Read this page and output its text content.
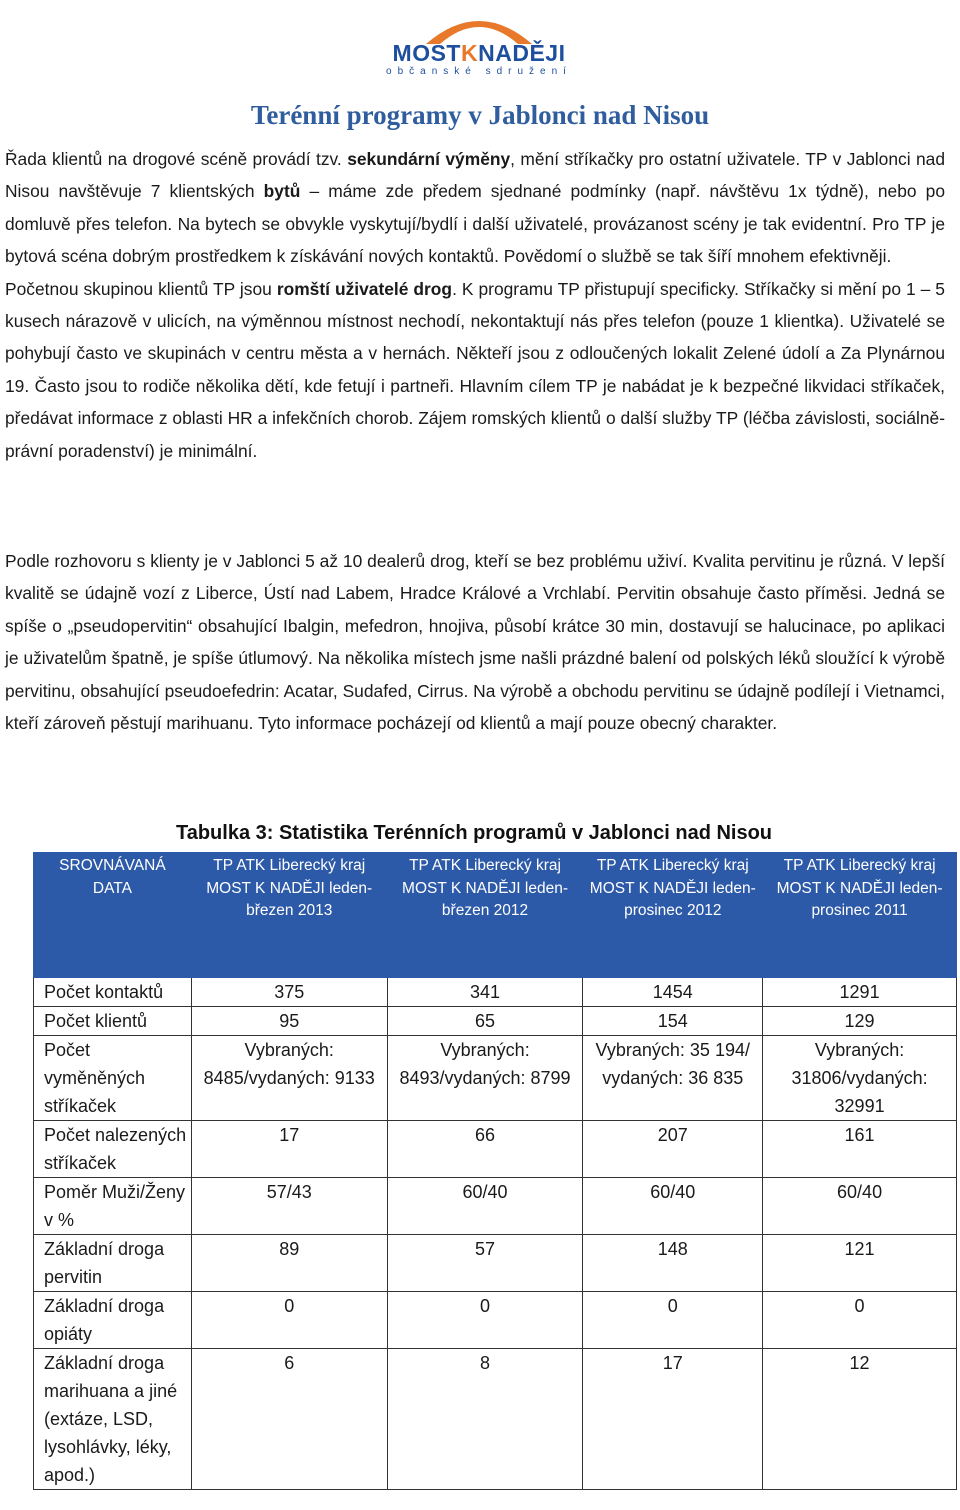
MOSTKNADĚJI
občanské sdružení
Terénní programy v Jablonci nad Nisou

Řada klientů na drogové scéně provádí tzv. sekundární výměny, mění stříkačky pro ostatní uživatele. TP v Jablonci nad Nisou navštěvuje 7 klientských bytů – máme zde předem sjednané podmínky (např. návštěvu 1x týdně), nebo po domluvě přes telefon. Na bytech se obvykle vyskytují/bydlí i další uživatelé, provázanost scény je tak evidentní. Pro TP je bytová scéna dobrým prostředkem k získávání nových kontaktů. Povědomí o službě se tak šíří mnohem efektivněji.

Početnou skupinou klientů TP jsou romští uživatelé drog. K programu TP přistupují specificky. Stříkačky si mění po 1 – 5 kusech nárazově v ulicích, na výměnnou místnost nechodí, nekontaktují nás přes telefon (pouze 1 klientka). Uživatelé se pohybují často ve skupinách v centru města a v hernách. Někteří jsou z odloučených lokalit Zelené údolí a Za Plynárnou 19. Často jsou to rodiče několika dětí, kde fetují i partneři. Hlavním cílem TP je nabádat je k bezpečné likvidaci stříkaček, předávat informace z oblasti HR a infekčních chorob. Zájem romských klientů o další služby TP (léčba závislosti, sociálně-právní poradenství) je minimální.

Podle rozhovoru s klienty je v Jablonci 5 až 10 dealerů drog, kteří se bez problému uživí. Kvalita pervitinu je různá. V lepší kvalitě se údajně vozí z Liberce, Ústí nad Labem, Hradce Králové a Vrchlabí. Pervitin obsahuje často příměsi. Jedná se spíše o „pseudopervitin“ obsahující Ibalgin, mefedron, hnojiva, působí krátce 30 min, dostavují se halucinace, po aplikaci je uživatelům špatně, je spíše útlumový. Na několika místech jsme našli prázdné balení od polských léků sloužící k výrobě pervitinu, obsahující pseudoefedrin: Acatar, Sudafed, Cirrus. Na výrobě a obchodu pervitinu se údajně podílejí i Vietnamci, kteří zároveň pěstují marihuanu. Tyto informace pocházejí od klientů a mají pouze obecný charakter.

Tabulka 3: Statistika Terénních programů v Jablonci nad Nisou
SROVNÁVANÁ DATA	TP ATK Liberecký kraj MOST K NADĚJI leden-březen 2013	TP ATK Liberecký kraj MOST K NADĚJI leden-březen 2012	TP ATK Liberecký kraj MOST K NADĚJI leden-prosinec 2012	TP ATK Liberecký kraj MOST K NADĚJI leden-prosinec 2011
Počet kontaktů	375	341	1454	1291
Počet klientů	95	65	154	129
Počet vyměněných stříkaček	Vybraných: 8485/vydaných: 9133	Vybraných: 8493/vydaných: 8799	Vybraných: 35 194/ vydaných: 36 835	Vybraných: 31806/vydaných: 32991
Počet nalezených stříkaček	17	66	207	161
Poměr Muži/Ženy v %	57/43	60/40	60/40	60/40
Základní droga pervitin	89	57	148	121
Základní droga opiáty	0	0	0	0
Základní droga marihuana a jiné (extáze, LSD, lysohlávky, léky, apod.)	6	8	17	12
